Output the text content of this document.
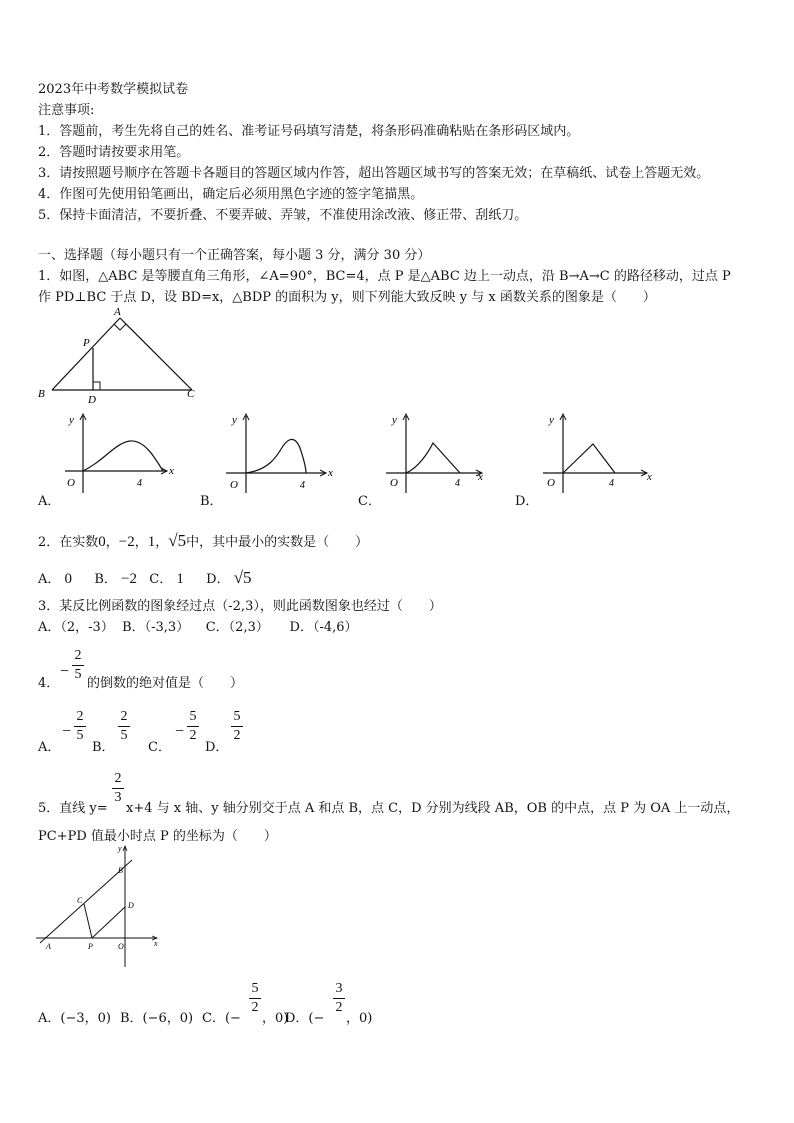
2023年中考数学模拟试卷
注意事项:
1．答题前，考生先将自己的姓名、准考证号码填写清楚，将条形码准确粘贴在条形码区域内。
2．答题时请按要求用笔。
3．请按照题号顺序在答题卡各题目的答题区域内作答，超出答题区域书写的答案无效；在草稿纸、试卷上答题无效。
4．作图可先使用铅笔画出，确定后必须用黑色字迹的签字笔描黑。
5．保持卡面清洁，不要折叠、不要弄破、弄皱，不准使用涂改液、修正带、刮纸刀。
一、选择题（每小题只有一个正确答案，每小题 3 分，满分 30 分）
1．如图，△ABC 是等腰直角三角形，∠A=90°，BC=4，点 P 是△ABC 边上一动点，沿 B→A→C 的路径移动，过点 P
作 PD⊥BC 于点 D，设 BD=x，△BDP 的面积为 y，则下列能大致反映 y 与 x 函数关系的图象是（　　）
A
P
B	D	C
y
x
O	4
A．
y
x
O	4
B．
y
x
O	4
C．
y
x
O	4
D．
2．在实数0，−2，1，√5中，其中最小的实数是（　　）
A． 0 B． −2 C． 1 D． √5
3．某反比例函数的图象经过点（-2,3），则此函数图象也经过（　　）
A．（2，-3）  B．（-3,3）    C．（2,3）     D．（-4,6）
−
2
5
4． 的倒数的绝对值是（　　）
A．
−
2
5
B．
2
5
C．
−
5
2
D．
5
2
2
3
5．直线 y= x+4 与 x 轴、y 轴分别交于点 A 和点 B，点 C，D 分别为线段 AB，OB 的中点，点 P 为 OA 上一动点，
PC+PD 值最小时点 P 的坐标为（　　）
y
B
C
D
A	P	O	x
A．(−3，0) B．(−6，0) C．(−
5
2
，0)
D．(−
3
2
，0)
